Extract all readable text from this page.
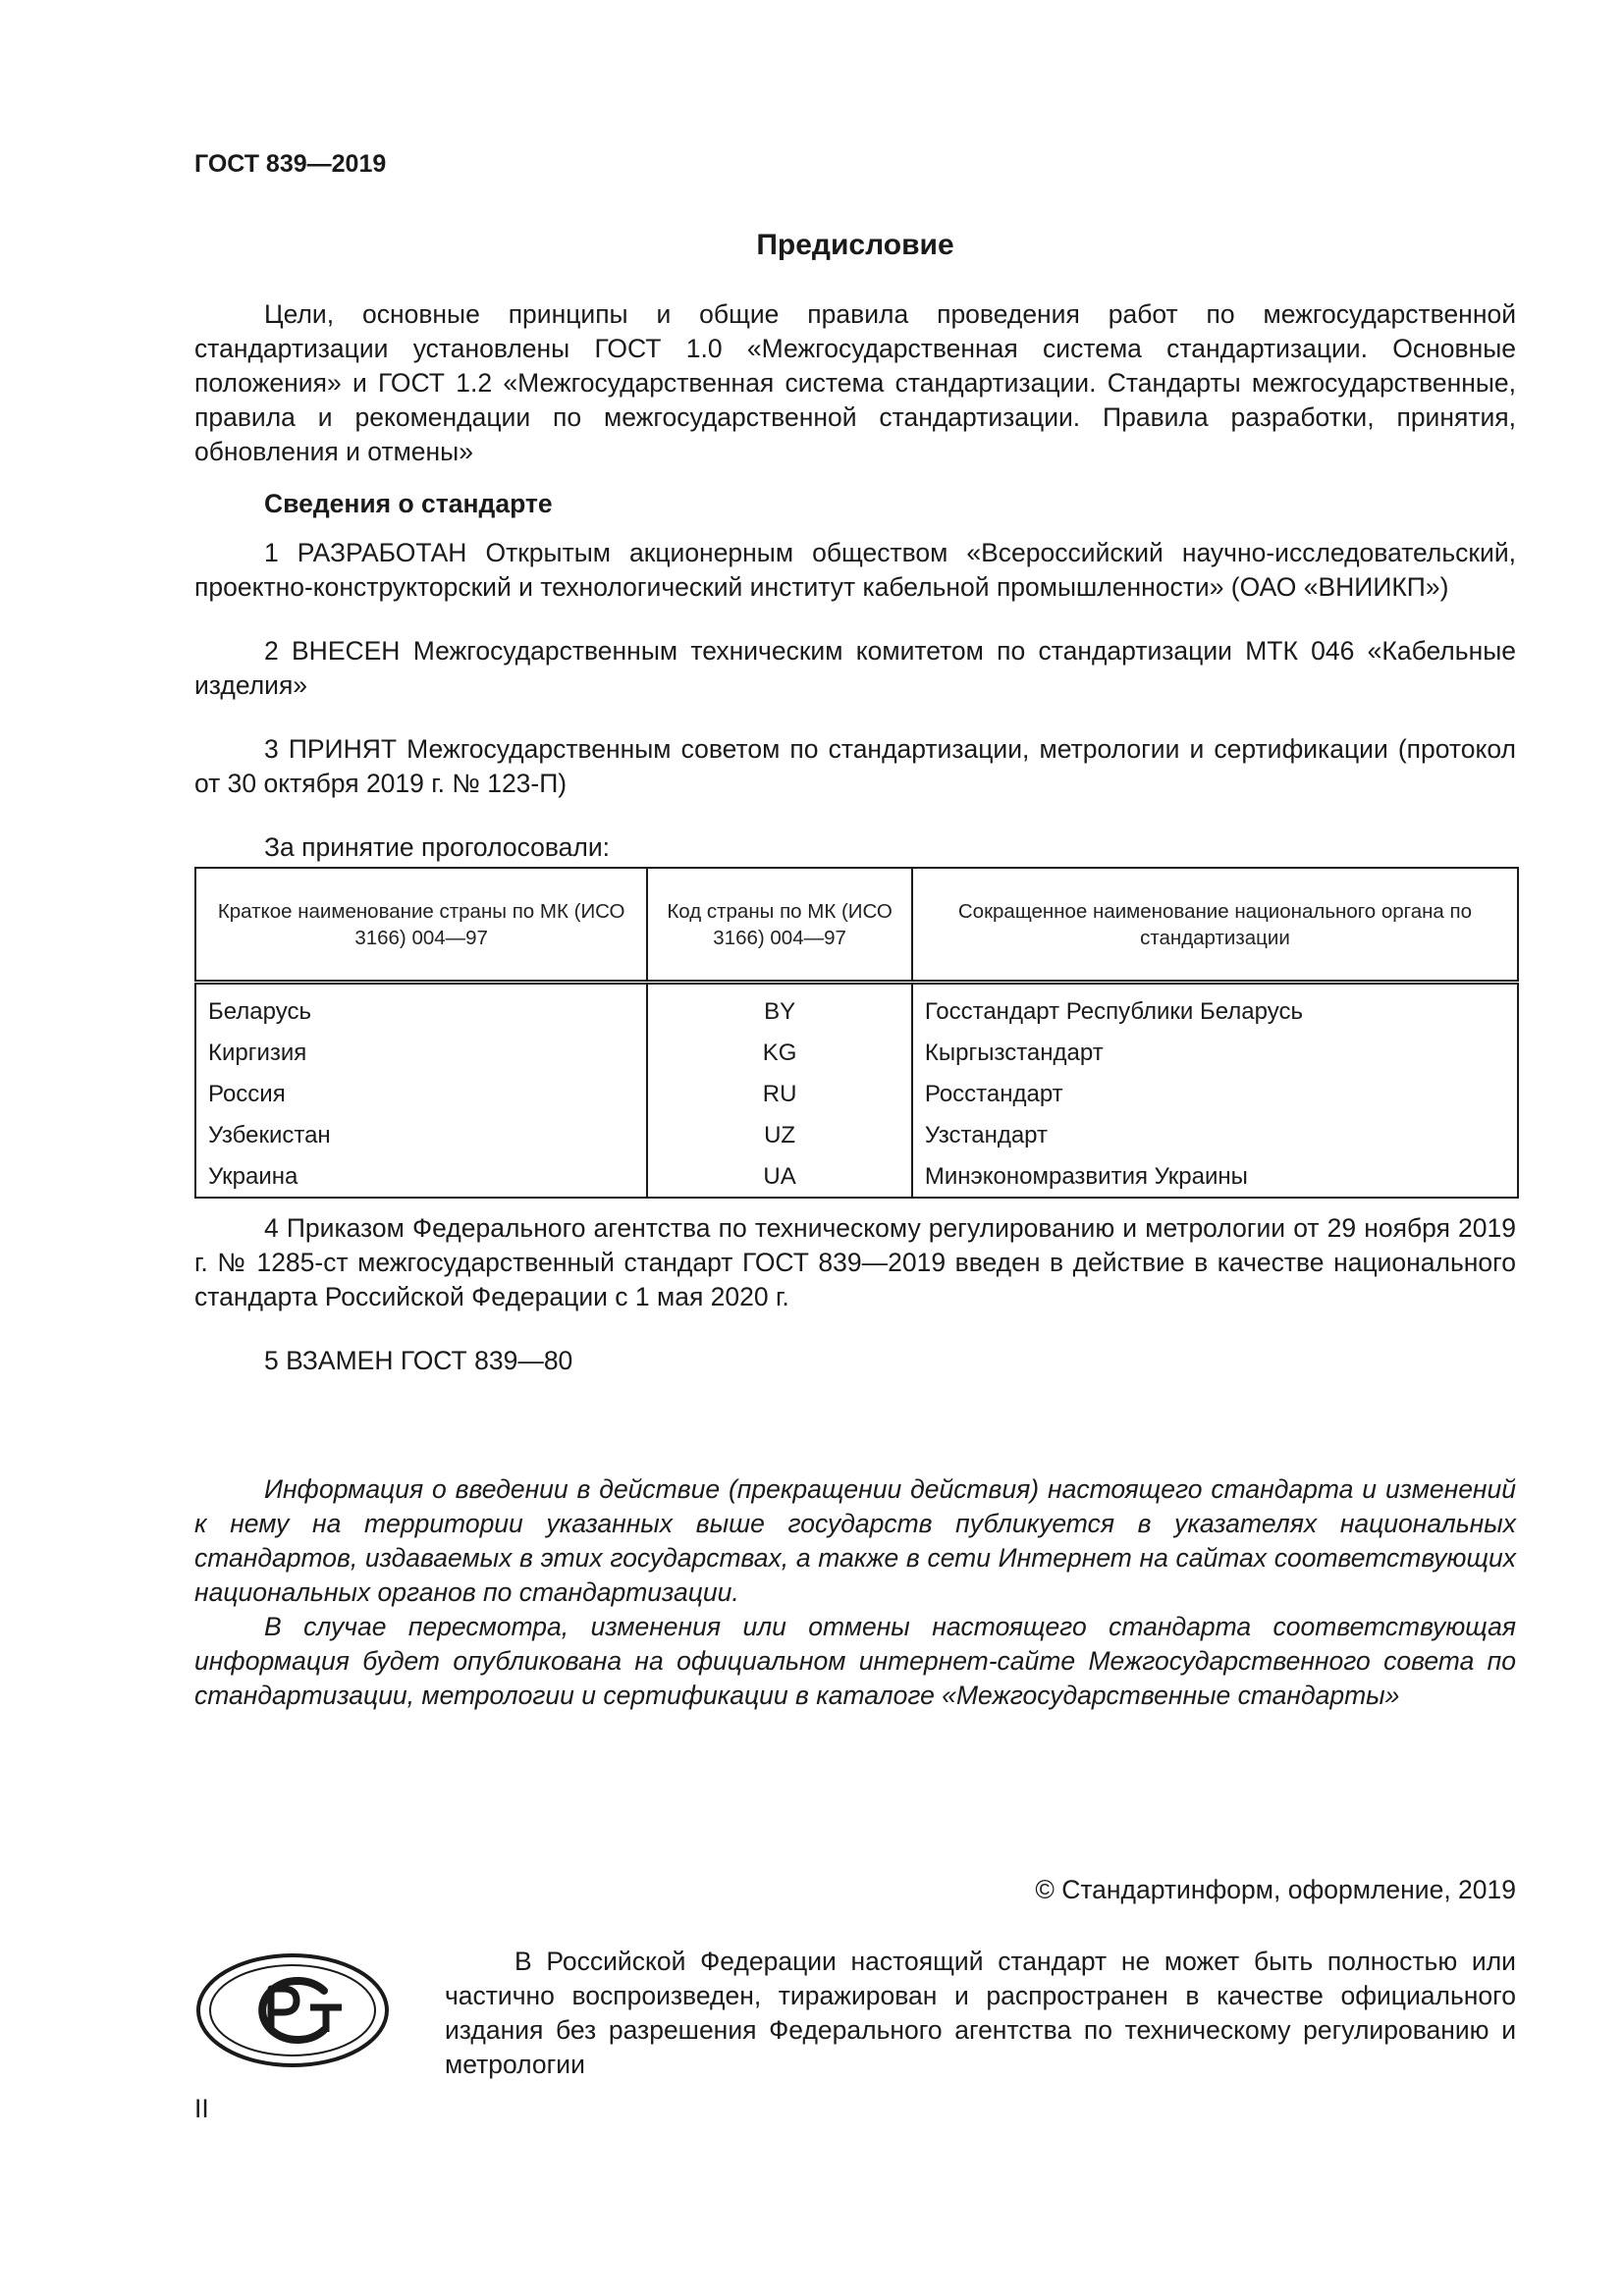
ГОСТ 839—2019
Предисловие

Цели, основные принципы и общие правила проведения работ по межгосударственной стандартизации установлены ГОСТ 1.0 «Межгосударственная система стандартизации. Основные положения» и ГОСТ 1.2 «Межгосударственная система стандартизации. Стандарты межгосударственные, правила и рекомендации по межгосударственной стандартизации. Правила разработки, принятия, обновления и отмены»

Сведения о стандарте

1 РАЗРАБОТАН Открытым акционерным обществом «Всероссийский научно-исследовательский, проектно-конструкторский и технологический институт кабельной промышленности» (ОАО «ВНИИКП»)

2 ВНЕСЕН Межгосударственным техническим комитетом по стандартизации МТК 046 «Кабельные изделия»

3 ПРИНЯТ Межгосударственным советом по стандартизации, метрологии и сертификации (протокол от 30 октября 2019 г. № 123-П)

За принятие проголосовали:

Краткое наименование страны по МК (ИСО 3166) 004—97	Код страны по МК (ИСО 3166) 004—97	Сокращенное наименование национального органа по стандартизации
Беларусь	BY	Госстандарт Республики Беларусь
Киргизия	KG	Кыргызстандарт
Россия	RU	Росстандарт
Узбекистан	UZ	Узстандарт
Украина	UA	Минэкономразвития Украины

4 Приказом Федерального агентства по техническому регулированию и метрологии от 29 ноября 2019 г. № 1285-ст межгосударственный стандарт ГОСТ 839—2019 введен в действие в качестве национального стандарта Российской Федерации с 1 мая 2020 г.

5 ВЗАМЕН ГОСТ 839—80

Информация о введении в действие (прекращении действия) настоящего стандарта и изменений к нему на территории указанных выше государств публикуется в указателях национальных стандартов, издаваемых в этих государствах, а также в сети Интернет на сайтах соответствующих национальных органов по стандартизации.

В случае пересмотра, изменения или отмены настоящего стандарта соответствующая информация будет опубликована на официальном интернет-сайте Межгосударственного совета по стандартизации, метрологии и сертификации в каталоге «Межгосударственные стандарты»

© Стандартинформ, оформление, 2019

В Российской Федерации настоящий стандарт не может быть полностью или частично воспроизведен, тиражирован и распространен в качестве официального издания без разрешения Федерального агентства по техническому регулированию и метрологии

II
